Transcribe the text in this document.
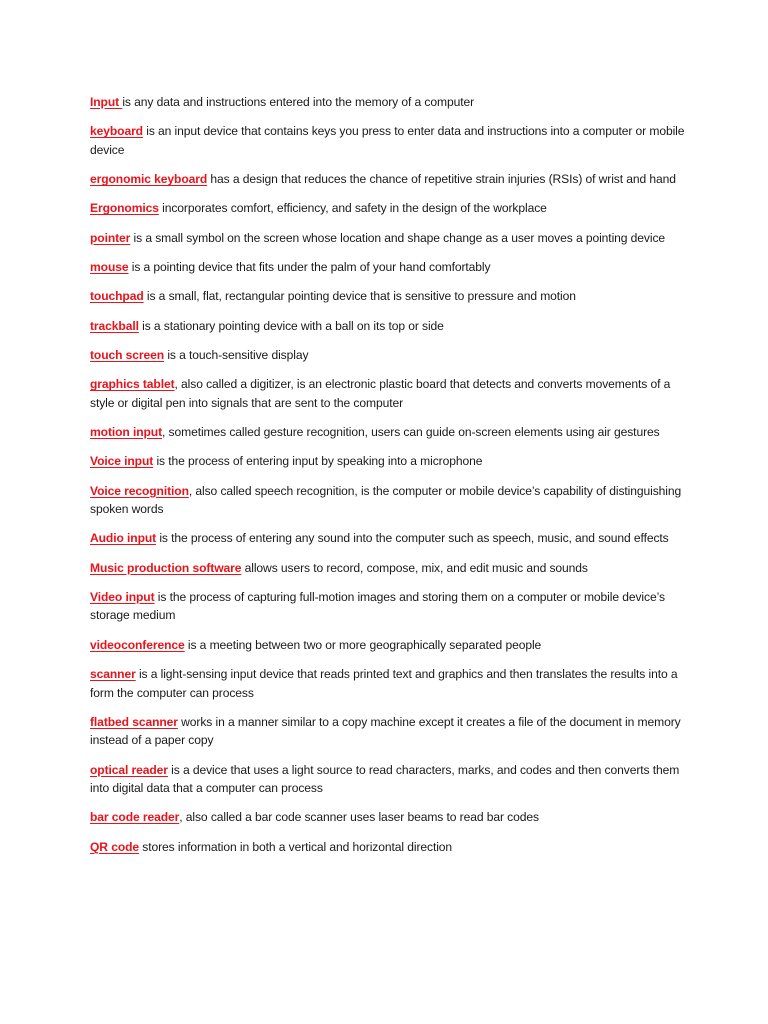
Input is any data and instructions entered into the memory of a computer

keyboard is an input device that contains keys you press to enter data and instructions into a computer or mobile device

ergonomic keyboard has a design that reduces the chance of repetitive strain injuries (RSIs) of wrist and hand

Ergonomics incorporates comfort, efficiency, and safety in the design of the workplace

pointer is a small symbol on the screen whose location and shape change as a user moves a pointing device

mouse is a pointing device that fits under the palm of your hand comfortably

touchpad is a small, flat, rectangular pointing device that is sensitive to pressure and motion

trackball is a stationary pointing device with a ball on its top or side

touch screen is a touch-sensitive display

graphics tablet, also called a digitizer, is an electronic plastic board that detects and converts movements of a style or digital pen into signals that are sent to the computer

motion input, sometimes called gesture recognition, users can guide on-screen elements using air gestures

Voice input is the process of entering input by speaking into a microphone

Voice recognition, also called speech recognition, is the computer or mobile device’s capability of distinguishing spoken words

Audio input is the process of entering any sound into the computer such as speech, music, and sound effects

Music production software allows users to record, compose, mix, and edit music and sounds

Video input is the process of capturing full-motion images and storing them on a computer or mobile device’s storage medium

videoconference is a meeting between two or more geographically separated people

scanner is a light-sensing input device that reads printed text and graphics and then translates the results into a form the computer can process

flatbed scanner works in a manner similar to a copy machine except it creates a file of the document in memory instead of a paper copy

optical reader is a device that uses a light source to read characters, marks, and codes and then converts them into digital data that a computer can process

bar code reader, also called a bar code scanner uses laser beams to read bar codes

QR code stores information in both a vertical and horizontal direction
